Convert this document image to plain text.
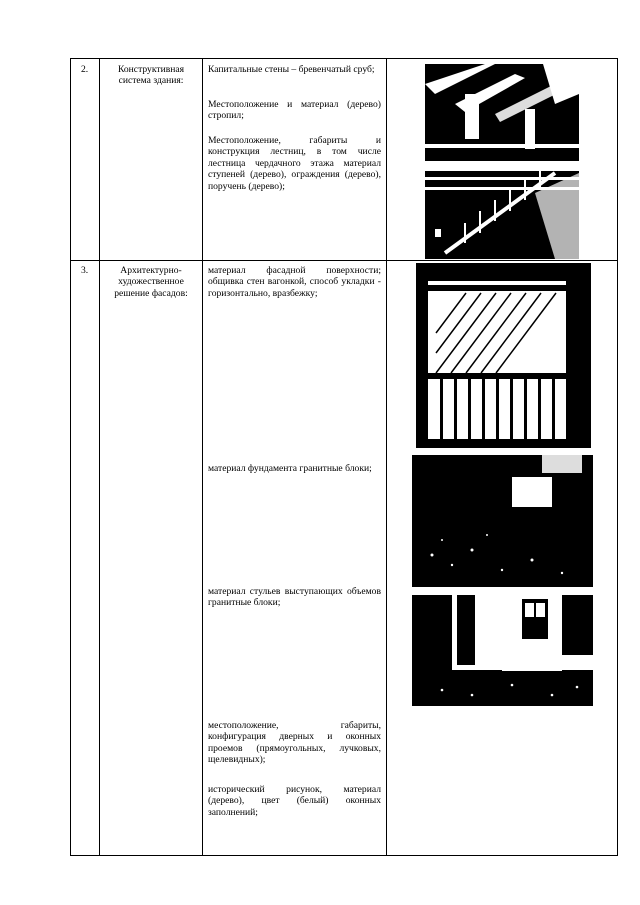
2.	Конструктивная система здания:
Капитальные стены – бревенчатый сруб;
Местоположение и материал (дерево) стропил;
Местоположение, габариты и конструкция лестниц, в том числе лестница чердачного этажа материал ступеней (дерево), ограждения (дерево), поручень (дерево);
3.	Архитектурно-художественное решение фасадов:
материал фасадной поверхности; общивка стен вагонкой, способ укладки - горизонтально, вразбежку;
материал фундамента гранитные блоки;
материал стульев выступающих объемов гранитные блоки;
местоположение, габариты, конфигурация дверных и оконных проемов (прямоугольных, лучковых, щелевидных);
исторический рисунок, материал (дерево), цвет (белый) оконных заполнений;
